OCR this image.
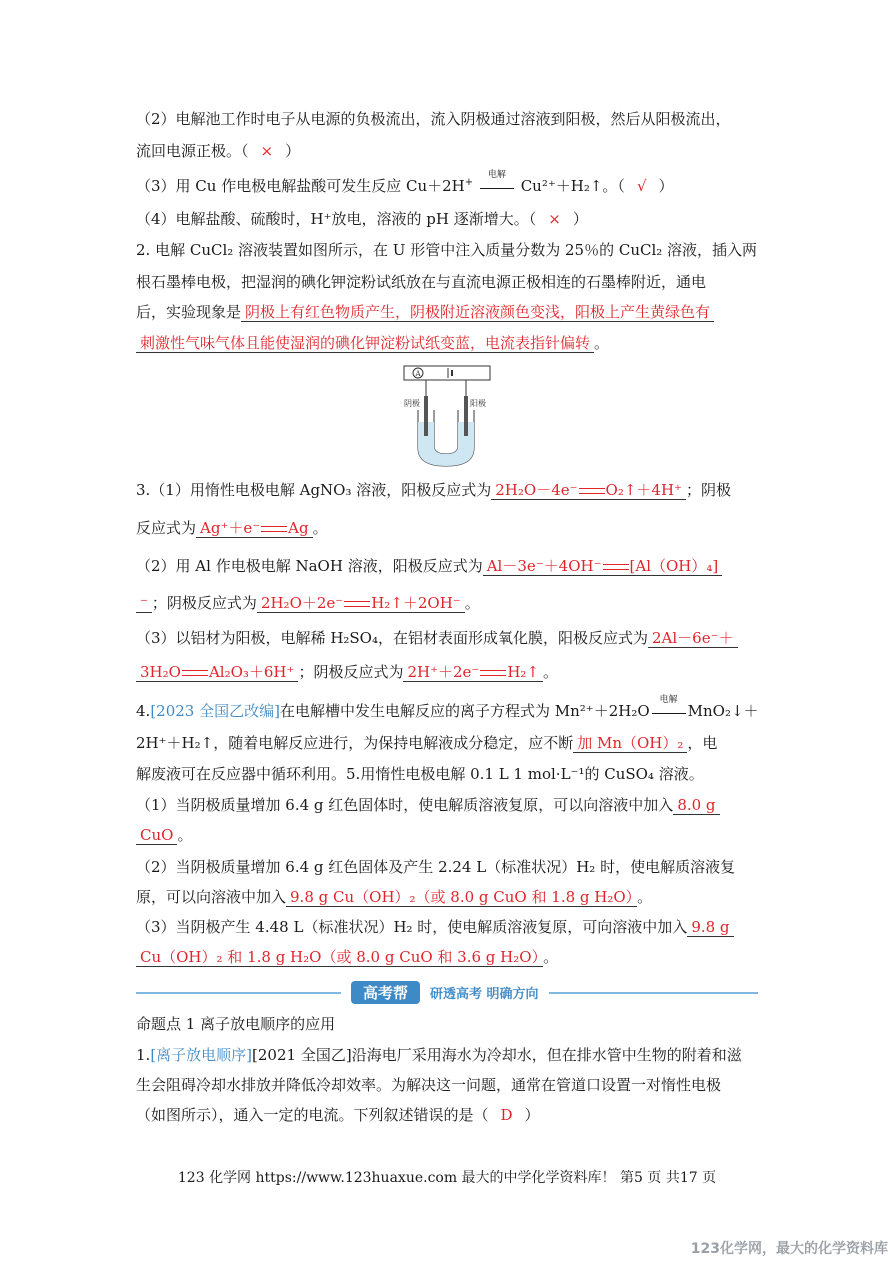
（2）电解池工作时电子从电源的负极流出，流入阴极通过溶液到阳极，然后从阳极流出，
流回电源正极。（ × ）
（3）用 Cu 作电极电解盐酸可发生反应 Cu＋2H+
电解
Cu²⁺＋H₂↑。（ √ ）
（4）电解盐酸、硫酸时，H⁺放电，溶液的 pH 逐渐增大。（ × ）
2. 电解 CuCl₂ 溶液装置如图所示，在 U 形管中注入质量分数为 25％的 CuCl₂ 溶液，插入两
根石墨棒电极，把湿润的碘化钾淀粉试纸放在与直流电源正极相连的石墨棒附近，通电
后，实验现象是 阴极上有红色物质产生，阴极附近溶液颜色变浅，阳极上产生黄绿色有
刺激性气味气体且能使湿润的碘化钾淀粉试纸变蓝，电流表指针偏转 。
A
阴极	阳极
3.（1）用惰性电极电解 AgNO₃ 溶液，阳极反应式为 2H₂O－4e⁻ O₂↑＋4H⁺ ；阴极
反应式为 Ag⁺＋e⁻ Ag 。
（2）用 Al 作电极电解 NaOH 溶液，阳极反应式为 Al－3e⁻＋4OH⁻ [Al（OH）₄]
⁻ ；阴极反应式为 2H₂O＋2e⁻ H₂↑＋2OH⁻ 。
（3）以铝材为阳极，电解稀 H₂SO₄，在铝材表面形成氧化膜，阳极反应式为 2Al－6e⁻＋
3H₂O Al₂O₃＋6H⁺ ；阴极反应式为 2H⁺＋2e⁻ H₂↑ 。
4.[2023 全国乙改编]在电解槽中发生电解反应的离子方程式为 Mn²⁺＋2H₂O
电解
MnO₂↓＋
2H⁺＋H₂↑，随着电解反应进行，为保持电解液成分稳定，应不断 加 Mn（OH）₂ ，电
解废液可在反应器中循环利用。5.用惰性电极电解 0.1 L 1 mol·L⁻¹的 CuSO₄ 溶液。
（1）当阴极质量增加 6.4 g 红色固体时，使电解质溶液复原，可以向溶液中加入 8.0 g
CuO 。
（2）当阴极质量增加 6.4 g 红色固体及产生 2.24 L（标准状况）H₂ 时，使电解质溶液复
原，可以向溶液中加入 9.8 g Cu（OH）₂（或 8.0 g CuO 和 1.8 g H₂O） 。
（3）当阴极产生 4.48 L（标准状况）H₂ 时，使电解质溶液复原，可向溶液中加入 9.8 g
Cu（OH）₂ 和 1.8 g H₂O（或 8.0 g CuO 和 3.6 g H₂O） 。
高考帮	研透高考 明确方向
命题点 1 离子放电顺序的应用
1.[离子放电顺序][2021 全国乙]沿海电厂采用海水为冷却水，但在排水管中生物的附着和滋
生会阻碍冷却水排放并降低冷却效率。为解决这一问题，通常在管道口设置一对惰性电极
（如图所示），通入一定的电流。下列叙述错误的是（ D ）
123 化学网 https://www.123huaxue.com 最大的中学化学资料库！ 第5 页 共17 页
123化学网，最大的化学资料库
